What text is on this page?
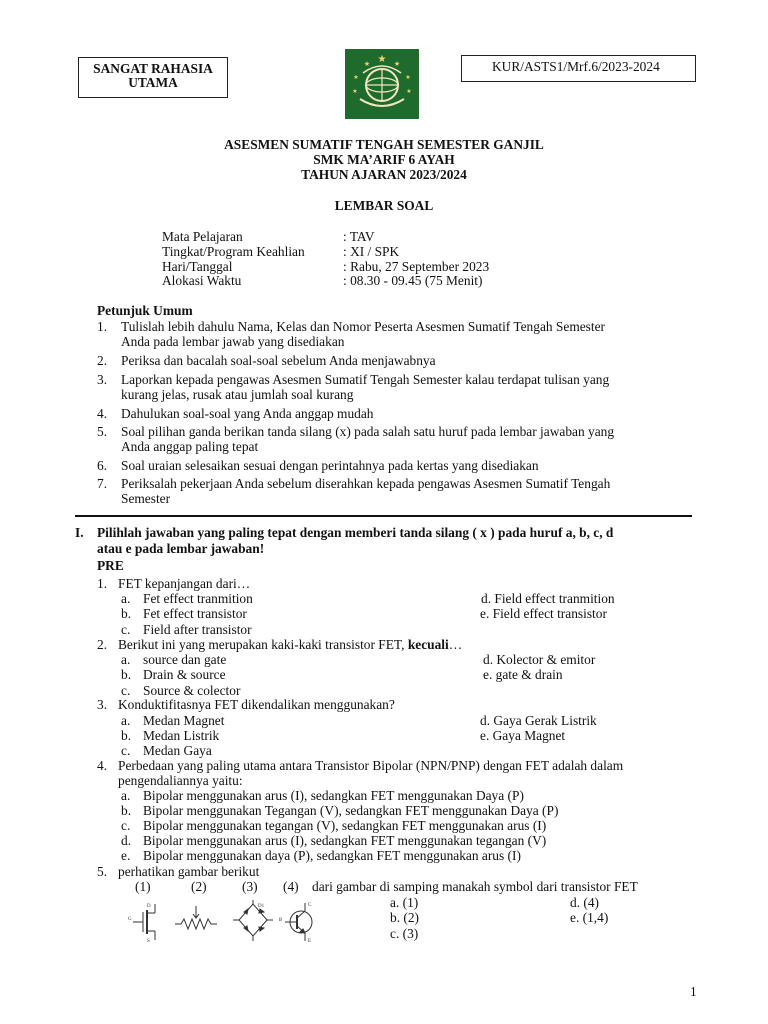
SANGAT RAHASIA
UTAMA
★
★	★
★	★
★	★
KUR/ASTS1/Mrf.6/2023-2024
ASESMEN SUMATIF TENGAH SEMESTER GANJIL
SMK MA’ARIF 6 AYAH
TAHUN AJARAN 2023/2024
LEMBAR SOAL
Mata Pelajaran	: TAV
Tingkat/Program Keahlian	: XI / SPK
Hari/Tanggal	: Rabu, 27 September 2023
Alokasi Waktu	: 08.30 - 09.45 (75 Menit)
Petunjuk Umum
1. Tulislah lebih dahulu Nama, Kelas dan Nomor Peserta Asesmen Sumatif Tengah Semester
Anda pada lembar jawab yang disediakan
2. Periksa dan bacalah soal-soal sebelum Anda menjawabnya
3. Laporkan kepada pengawas Asesmen Sumatif Tengah Semester kalau terdapat tulisan yang
kurang jelas, rusak atau jumlah soal kurang
4. Dahulukan soal-soal yang Anda anggap mudah
5. Soal pilihan ganda berikan tanda silang (x) pada salah satu huruf pada lembar jawaban yang
Anda anggap paling tepat
6. Soal uraian selesaikan sesuai dengan perintahnya pada kertas yang disediakan
7. Periksalah pekerjaan Anda sebelum diserahkan kepada pengawas Asesmen Sumatif Tengah
Semester
I. Pilihlah jawaban yang paling tepat dengan memberi tanda silang ( x ) pada huruf a, b, c, d
atau e pada lembar jawaban!
PRE
1. FET kepanjangan dari…
a. Fet effect tranmition
b. Fet effect transistor
c. Field after transistor
d. Field effect tranmition
e. Field effect transistor
2. Berikut ini yang merupakan kaki-kaki transistor FET, kecuali…
a. source dan gate
b. Drain & source
c. Source & colector
d. Kolector & emitor
e. gate & drain
3. Konduktifitasnya FET dikendalikan menggunakan?
a. Medan Magnet
b. Medan Listrik
c. Medan Gaya
d. Gaya Gerak Listrik
e. Gaya Magnet
4. Perbedaan yang paling utama antara Transistor Bipolar (NPN/PNP) dengan FET adalah dalam
pengendaliannya yaitu:
a. Bipolar menggunakan arus (I), sedangkan FET menggunakan Daya (P)
b. Bipolar menggunakan Tegangan (V), sedangkan FET menggunakan Daya (P)
c. Bipolar menggunakan tegangan (V), sedangkan FET menggunakan arus (I)
d. Bipolar menggunakan arus (I), sedangkan FET menggunakan tegangan (V)
e. Bipolar menggunakan daya (P), sedangkan FET menggunakan arus (I)
5. perhatikan gambar berikut
(1)	(2)	(3) (4) dari gambar di samping manakah symbol dari transistor FET
G
D
S
D1
B
C
E
a. (1)
b. (2)
c. (3)
d. (4)
e. (1,4)
1
